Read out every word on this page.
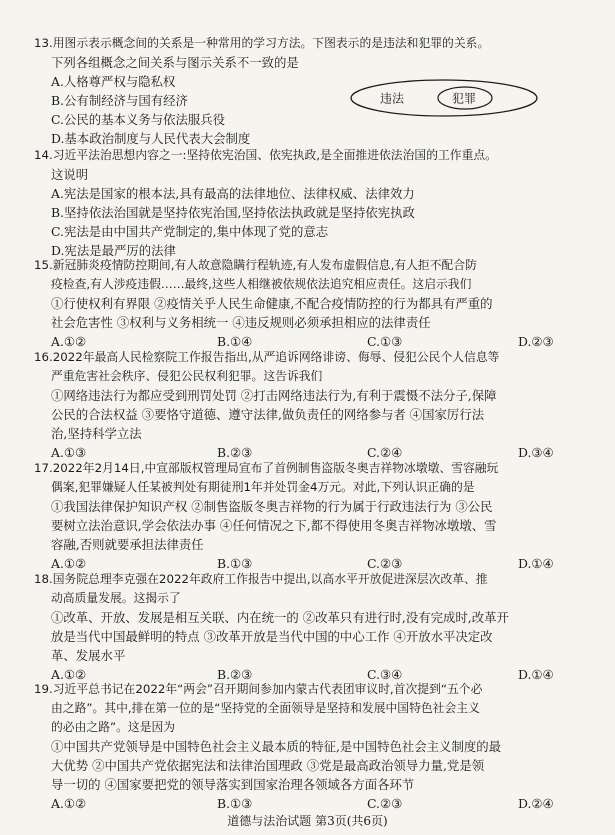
13.用图示表示概念间的关系是一种常用的学习方法。下图表示的是违法和犯罪的关系。
下列各组概念之间关系与图示关系不一致的是
A.人格尊严权与隐私权
B.公有制经济与国有经济
C.公民的基本义务与依法服兵役
D.基本政治制度与人民代表大会制度
违法	犯罪
14.习近平法治思想内容之一:坚持依宪治国、依宪执政,是全面推进依法治国的工作重点。
这说明
A.宪法是国家的根本法,具有最高的法律地位、法律权威、法律效力
B.坚持依法治国就是坚持依宪治国,坚持依法执政就是坚持依宪执政
C.宪法是由中国共产党制定的,集中体现了党的意志
D.宪法是最严厉的法律
15.新冠肺炎疫情防控期间,有人故意隐瞒行程轨迹,有人发布虚假信息,有人拒不配合防
疫检查,有人涉疫违假……最终,这些人相继被依规依法追究相应责任。这启示我们
①行使权利有界限 ②疫情关乎人民生命健康,不配合疫情防控的行为都具有严重的
社会危害性 ③权利与义务相统一 ④违反规则必须承担相应的法律责任
A.①②	B.①④	C.①③	D.②③
16.2022年最高人民检察院工作报告指出,从严追诉网络诽谤、侮辱、侵犯公民个人信息等
严重危害社会秩序、侵犯公民权利犯罪。这告诉我们
①网络违法行为都应受到刑罚处罚 ②打击网络违法行为,有利于震慑不法分子,保障
公民的合法权益 ③要恪守道德、遵守法律,做负责任的网络参与者 ④国家厉行法
治,坚持科学立法
A.①③	B.②③	C.②④	D.③④
17.2022年2月14日,中宣部版权管理局宣布了首例制售盗版冬奥吉祥物冰墩墩、雪容融玩
偶案,犯罪嫌疑人任某被判处有期徒刑1年并处罚金4万元。对此,下列认识正确的是
①我国法律保护知识产权 ②制售盗版冬奥吉祥物的行为属于行政违法行为 ③公民
要树立法治意识,学会依法办事 ④任何情况之下,都不得使用冬奥吉祥物冰墩墩、雪
容融,否则就要承担法律责任
A.①②	B.①③	C.②③	D.①④
18.国务院总理李克强在2022年政府工作报告中提出,以高水平开放促进深层次改革、推
动高质量发展。这揭示了
①改革、开放、发展是相互关联、内在统一的 ②改革只有进行时,没有完成时,改革开
放是当代中国最鲜明的特点 ③改革开放是当代中国的中心工作 ④开放水平决定改
革、发展水平
A.①②	B.②③	C.③④	D.①④
19.习近平总书记在2022年“两会”召开期间参加内蒙古代表团审议时,首次提到“五个必
由之路”。其中,排在第一位的是“坚持党的全面领导是坚持和发展中国特色社会主义
的必由之路”。这是因为
①中国共产党领导是中国特色社会主义最本质的特征,是中国特色社会主义制度的最
大优势 ②中国共产党依据宪法和法律治国理政 ③党是最高政治领导力量,党是领
导一切的 ④国家要把党的领导落实到国家治理各领域各方面各环节
A.①②	B.①③	C.②③	D.②④
道德与法治试题 第3页(共6页)
